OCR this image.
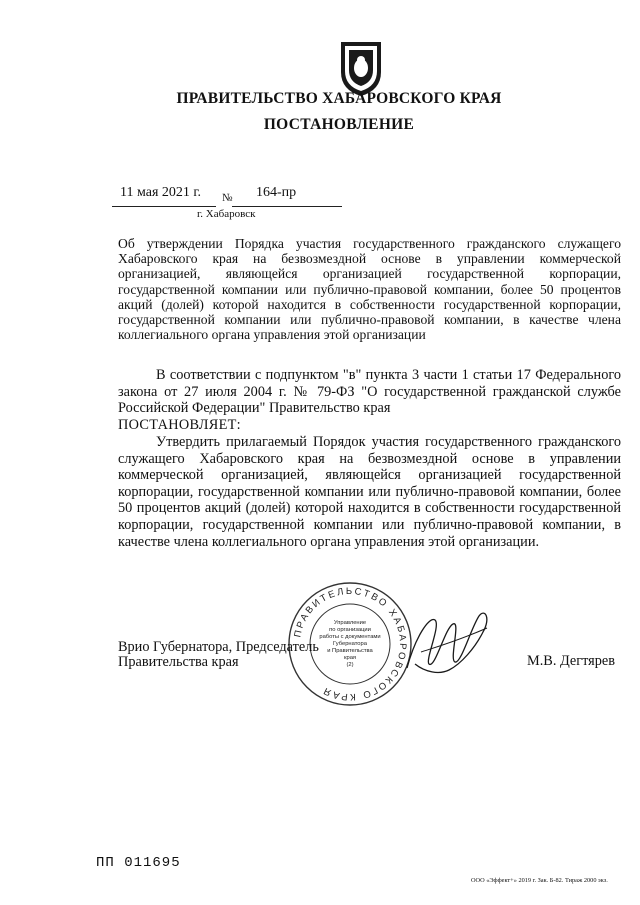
ПРАВИТЕЛЬСТВО ХАБАРОВСКОГО КРАЯ
ПОСТАНОВЛЕНИЕ
11 мая 2021 г. № 164-пр
г. Хабаровск
Об утверждении Порядка участия государственного гражданского служащего Хабаровского края на безвозмездной основе в управлении коммерческой организацией, являющейся организацией государственной корпорации, государственной компании или публично-правовой компании, более 50 процентов акций (долей) которой находится в собственности государственной корпорации, государственной компании или публично-правовой компании, в качестве члена коллегиального органа управления этой организации
В соответствии с подпунктом "в" пункта 3 части 1 статьи 17 Федерального закона от 27 июля 2004 г. № 79-ФЗ "О государственной гражданской службе Российской Федерации" Правительство края
ПОСТАНОВЛЯЕТ:
Утвердить прилагаемый Порядок участия государственного гражданского служащего Хабаровского края на безвозмездной основе в управлении коммерческой организацией, являющейся организацией государственной корпорации, государственной компании или публично-правовой компании, более 50 процентов акций (долей) которой находится в собственности государственной корпорации, государственной компании или публично-правовой компании, в качестве члена коллегиального органа управления этой организации.
ПРАВИТЕЛЬСТВО ХАБАРОВСКОГО КРАЯ
Управление
по организации
работы с документами
Губернатора
и Правительства
края
(2)
Врио Губернатора, Председатель
Правительства края	М.В. Дегтярев
ПП 011695
ООО «Эффект+» 2019 г. Зак. Б-82. Тираж 2000 экз.
